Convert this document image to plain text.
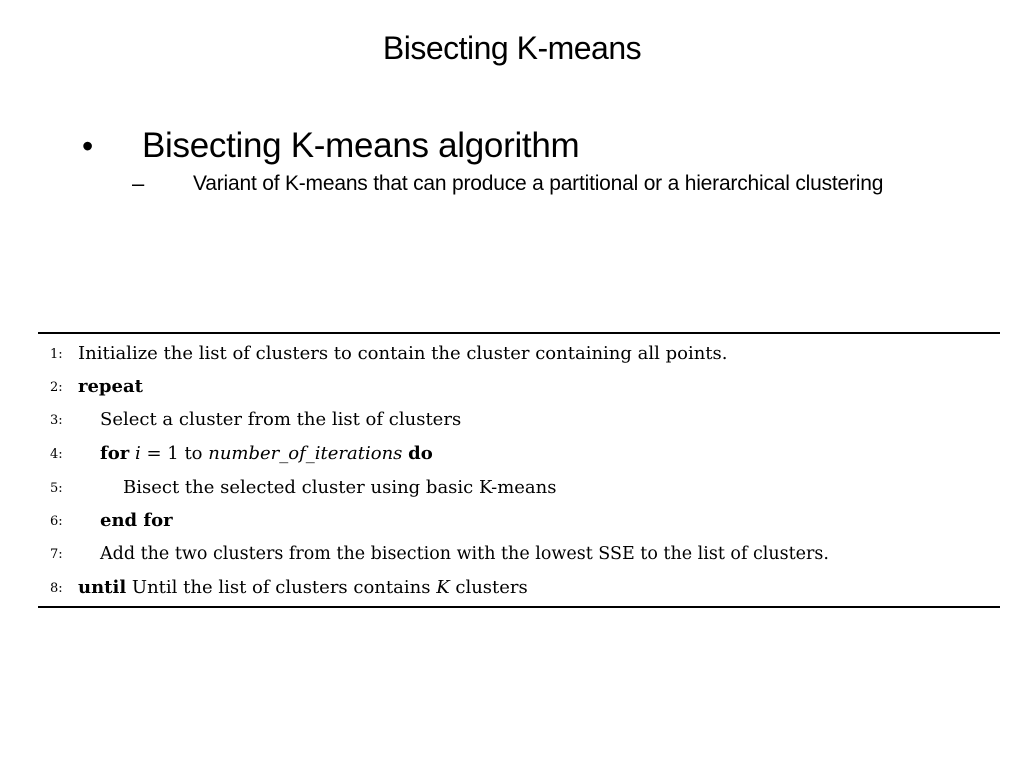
Bisecting K-means
• Bisecting K-means algorithm
– Variant of K-means that can produce a partitional or a hierarchical clustering
1: Initialize the list of clusters to contain the cluster containing all points.
2: repeat
3: Select a cluster from the list of clusters
4: for i = 1 to number_of_iterations do
5:	Bisect the selected cluster using basic K-means
6: end for
7: Add the two clusters from the bisection with the lowest SSE to the list of clusters.
8: until Until the list of clusters contains K clusters
